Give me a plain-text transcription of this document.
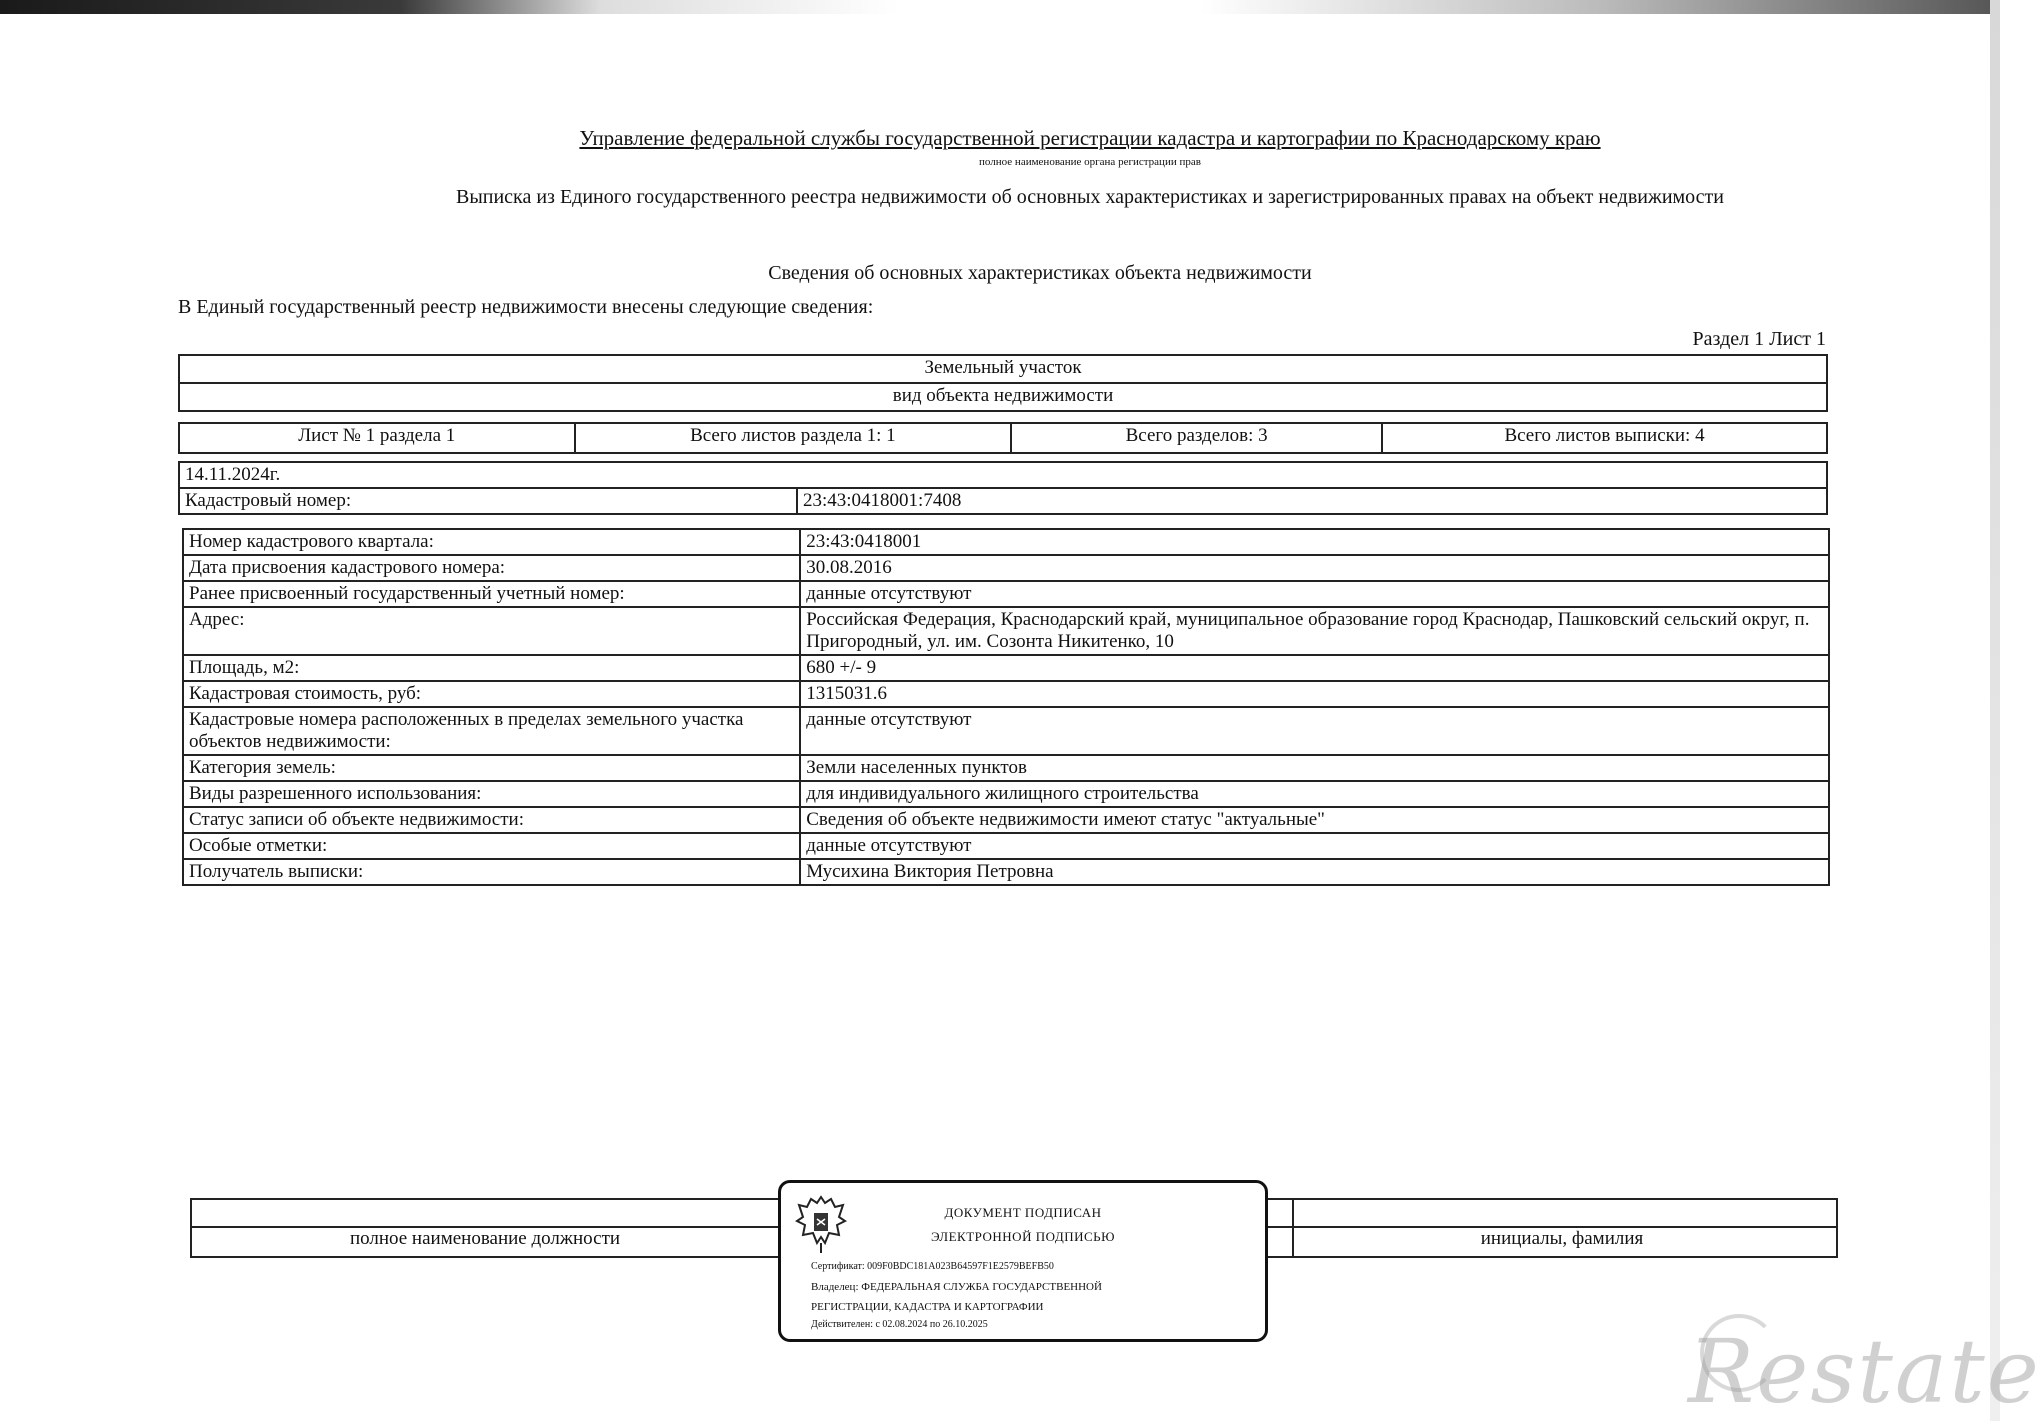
Управление федеральной службы государственной регистрации кадастра и картографии по Краснодарскому краю
полное наименование органа регистрации прав
Выписка из Единого государственного реестра недвижимости об основных характеристиках и зарегистрированных правах на объект недвижимости
Сведения об основных характеристиках объекта недвижимости
В Единый государственный реестр недвижимости внесены следующие сведения:
Раздел 1 Лист 1
Земельный участок
вид объекта недвижимости
Лист № 1 раздела 1	Всего листов раздела 1: 1	Всего разделов: 3	Всего листов выписки: 4
14.11.2024г.
Кадастровый номер:	23:43:0418001:7408
Номер кадастрового квартала:	23:43:0418001
Дата присвоения кадастрового номера:	30.08.2016
Ранее присвоенный государственный учетный номер:	данные отсутствуют
Адрес:	Российская Федерация, Краснодарский край, муниципальное образование город Краснодар, Пашковский сельский округ, п. Пригородный, ул. им. Созонта Никитенко, 10
Площадь, м2:	680 +/- 9
Кадастровая стоимость, руб:	1315031.6
Кадастровые номера расположенных в пределах земельного участка объектов недвижимости:	данные отсутствуют
Категория земель:	Земли населенных пунктов
Виды разрешенного использования:	для индивидуального жилищного строительства
Статус записи об объекте недвижимости:	Сведения об объекте недвижимости имеют статус "актуальные"
Особые отметки:	данные отсутствуют
Получатель выписки:	Мусихина Виктория Петровна
полное наименование должности	инициалы, фамилия
ДОКУМЕНТ ПОДПИСАН
ЭЛЕКТРОННОЙ ПОДПИСЬЮ
Сертификат: 009F0BDC181A023B64597F1E2579BEFB50
Владелец: ФЕДЕРАЛЬНАЯ СЛУЖБА ГОСУДАРСТВЕННОЙ
РЕГИСТРАЦИИ, КАДАСТРА И КАРТОГРАФИИ
Действителен: с 02.08.2024 по 26.10.2025	Restate
